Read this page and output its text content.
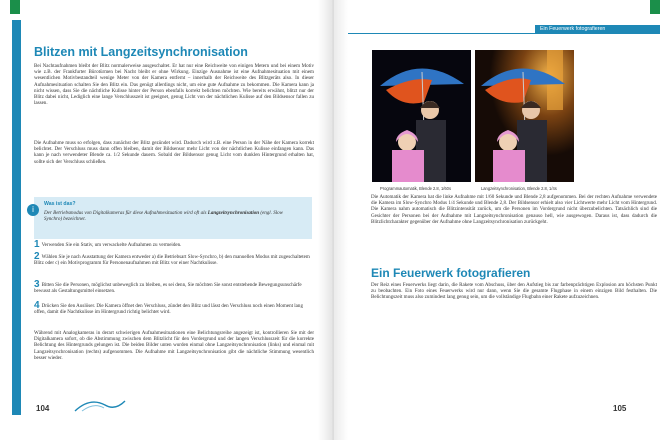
Blitzen mit Langzeitsynchronisation

Bei Nachtaufnahmen bleibt der Blitz normalerweise ausgeschaltet. Er hat nur eine Reichweite von einigen Metern und bei einem Motiv wie z.B. der Frankfurter Bürotürmen bei Nacht bleibt er ohne Wirkung. Einzige Ausnahme ist eine Aufnahmesituation mit einem wesentlichen Motivbestandteil wenige Meter von der Kamera entfernt – innerhalb der Reichweite des Blitzgeräts also. In dieser Aufnahmesituation schalten Sie den Blitz ein. Das genügt allerdings nicht, um eine gute Aufnahme zu bekommen. Die Kamera kann ja nicht wissen, dass Sie die nächtliche Kulisse hinter der Person ebenfalls korrekt belichten möchten. Wie bereits erwähnt, blitzt nur der Blitz dabei nicht, Lediglich eine lange Verschlusszeit ist geeignet, genug Licht von der nächtlichen Kulisse auf den Bildsensor fallen zu lassen.

Die Aufnahme muss so erfolgen, dass zunächst der Blitz gezündet wird. Dadurch wird z.B. eine Person in der Nähe der Kamera korrekt belichtet. Der Verschluss muss dann offen bleiben, damit der Bildsensor mehr Licht von der nächtlichen Kulisse einfangen kann. Das kann je nach verwendeter Blende ca. 1/2 Sekunde dauern. Sobald der Bildsensor genug Licht vom dunklen Hintergrund erhalten hat, sollte sich der Verschluss schließen.

i
Was ist das?

Der Betriebsmodus von Digitalkameras für diese Aufnahmesituation wird oft als Langzeitsynchronisation (engl. Slow Synchro) bezeichnet.

1 Verwenden Sie ein Stativ, um verwackelte Aufnahmen zu vermeiden.

2 Wählen Sie je nach Ausstattung der Kamera entweder a) die Betriebsart Slow-Synchro, b) den manuellen Modus mit zugeschaltetem Blitz oder c) ein Motivprogramm für Personenaufnahmen mit Blitz vor einer Nachtkulisse.

3 Bitten Sie die Personen, möglichst unbeweglich zu bleiben, es sei denn, Sie möchten Sie sonst entstehende Bewegungsunschärfe bewusst als Gestaltungsmittel einsetzen.

4 Drücken Sie den Auslöser. Die Kamera öffnet den Verschluss, zündet den Blitz und lässt den Verschluss noch einen Moment lang offen, damit die Nachtkulisse im Hintergrund richtig belichtet wird.

Während mit Analogkameras in derart schwierigen Aufnahmesituationen eine Belichtungsreihe angezeigt ist, kontrollieren Sie mit der Digitalkamera sofort, ob die Abstimmung zwischen dem Blitzlicht für den Vordergrund und der langen Verschlusszeit für die korrekte Belichtung des Hintergrunds gelungen ist. Die beiden Bilder unten wurden einmal ohne Langzeitsynchronisation (links) und einmal mit Langzeitsynchronisation (rechts) aufgenommen. Die Aufnahme mit Langzeitsynchronisation gibt die nächtliche Stimmung wesentlich besser wieder.

104
Ein Feuerwerk fotografieren
Programmautomatik, Blende 2.8, 1/60s	Langzeitsynchronisation, Blende 2.8, 1/4s

Die Automatik der Kamera hat die linke Aufnahme mit 1/60 Sekunde und Blende 2,8 aufgenommen. Bei der rechten Aufnahme verwendete die Kamera im Slow-Synchro Modus 1/4 Sekunde und Blende 2,8. Der Bildsensor erhielt also vier Lichtwerte mehr Licht vom Hintergrund. Die Kamera nahm automatisch die Blitzintensität zurück, um die Personen im Vordergrund nicht überzubelichten. Tatsächlich sind die Gesichter der Personen bei der Aufnahme mit Langzeitsynchronisation genauso hell, wie ausgewogen. Daraus ist, dass dadurch die Blitzlichtcharakter gegenüber der Aufnahme ohne Langzeitsynchronisation zurückgeht.

Ein Feuerwerk fotografieren

Der Reiz eines Feuerwerks liegt darin, die Rakete vom Abschuss, über den Aufstieg bis zur farbenprächtigen Explosion am höchsten Punkt zu beobachten. Ein Foto eines Feuerwerks wird nur dann, wenn Sie die gesamte Flugphase in einem einzigen Bild festhalten. Die Belichtungszeit muss also zumindest lang genug sein, um die vollständige Flugbahn einer Rakete aufzuzeichnen.

105
